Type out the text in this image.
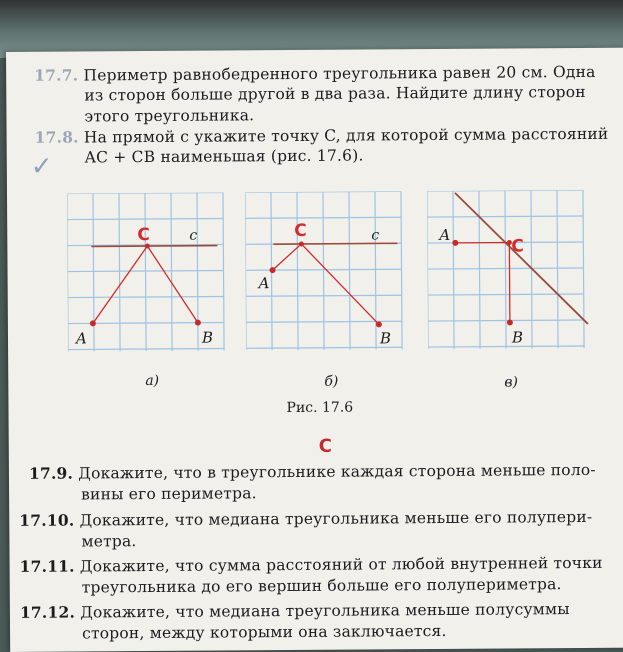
17.7. Периметр равнобедренного треугольника равен 20 см. Одна
из сторон больше другой в два раза. Найдите длину сторон
этого треугольника.
17.8. На прямой c укажите точку C, для которой сумма расстояний
AC + CB наименьшая (рис. 17.6).
✓
C	c
A	B
C	c
A
B
C
A
B
а)	б)	в)
Рис. 17.6
C
17.9. Докажите, что в треугольнике каждая сторона меньше поло-
вины его периметра.
17.10. Докажите, что медиана треугольника меньше его полупери-
метра.
17.11. Докажите, что сумма расстояний от любой внутренней точки
треугольника до его вершин больше его полупериметра.
17.12. Докажите, что медиана треугольника меньше полусуммы
сторон, между которыми она заключается.
